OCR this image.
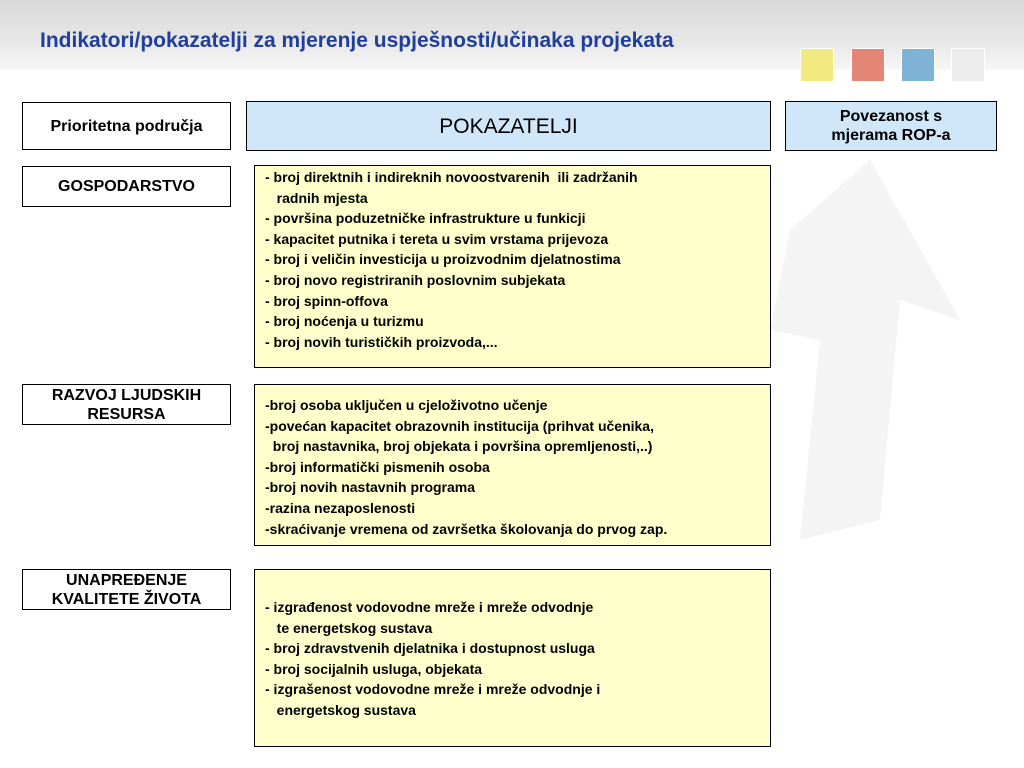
Indikatori/pokazatelji za mjerenje uspješnosti/učinaka projekata
Prioritetna područja	POKAZATELJI	Povezanost s
mjerama ROP-a
GOSPODARSTVO
RAZVOJ LJUDSKIH
RESURSA
UNAPREĐENJE
KVALITETE ŽIVOTA
- broj direktnih i indireknih novoostvarenih  ili zadržanih
radnih mjesta
- površina poduzetničke infrastrukture u funkicji
- kapacitet putnika i tereta u svim vrstama prijevoza
- broj i veličin investicija u proizvodnim djelatnostima
- broj novo registriranih poslovnim subjekata
- broj spinn-offova
- broj noćenja u turizmu
- broj novih turističkih proizvoda,...
-broj osoba uključen u cjeloživotno učenje
-povećan kapacitet obrazovnih institucija (prihvat učenika,
broj nastavnika, broj objekata i površina opremljenosti,..)
-broj informatički pismenih osoba
-broj novih nastavnih programa
-razina nezaposlenosti
-skraćivanje vremena od završetka školovanja do prvog zap.
- izgrađenost vodovodne mreže i mreže odvodnje
te energetskog sustava
- broj zdravstvenih djelatnika i dostupnost usluga
- broj socijalnih usluga, objekata
- izgrašenost vodovodne mreže i mreže odvodnje i
energetskog sustava
